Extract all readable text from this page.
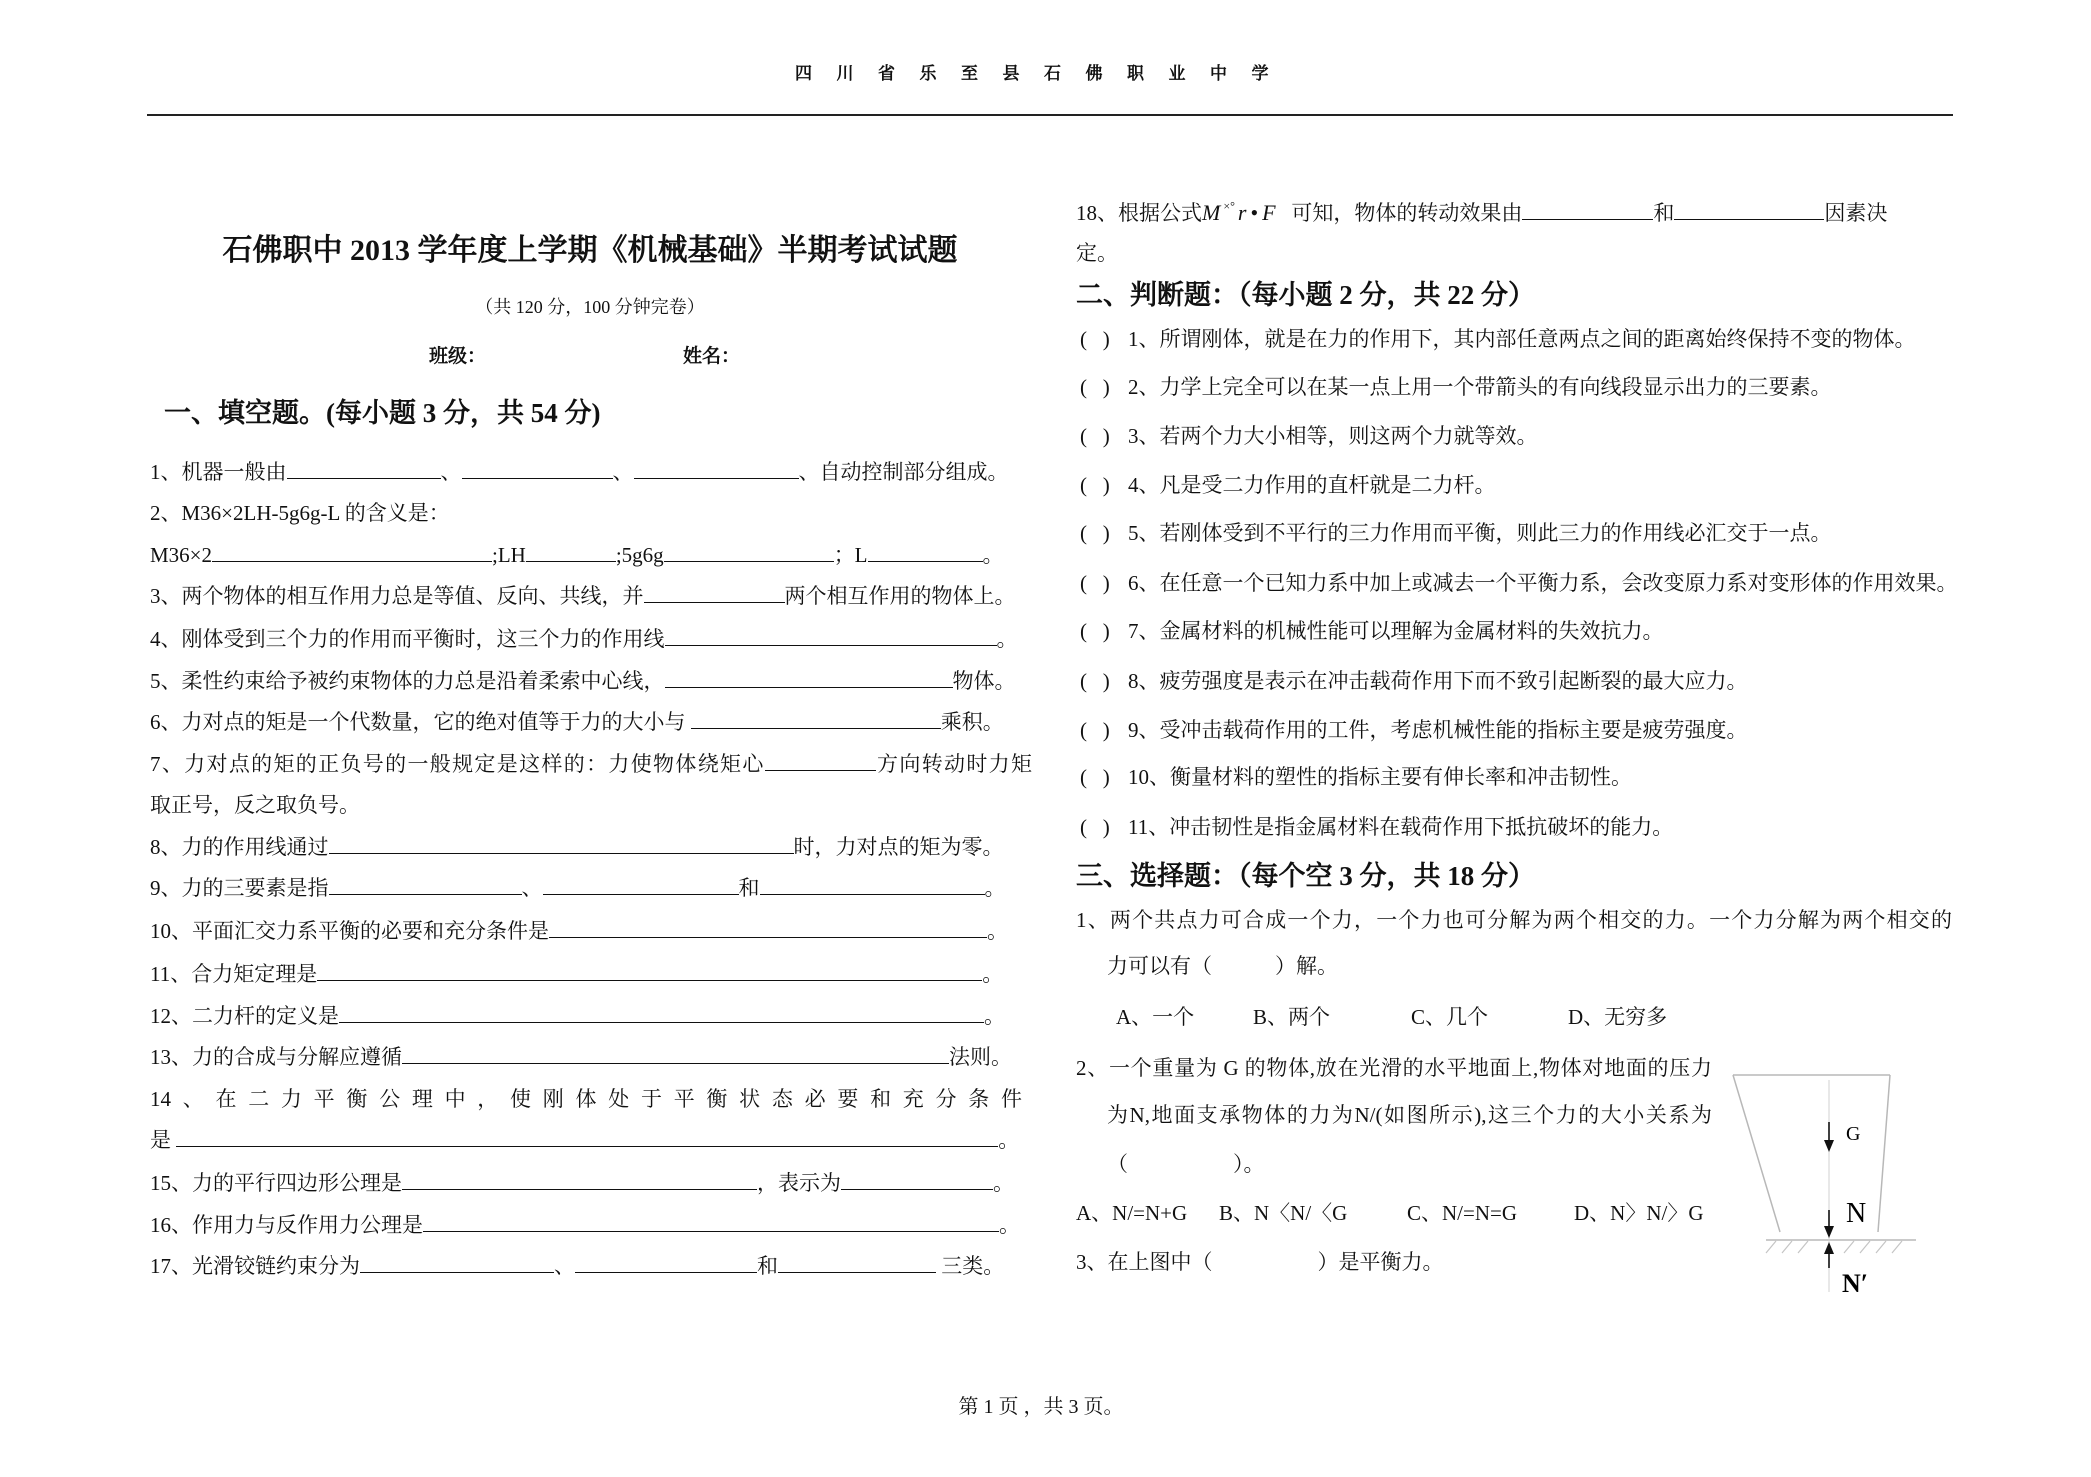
四川省乐至县石佛职业中学
石佛职中 2013 学年度上学期《机械基础》半期考试试题
（共 120 分，100 分钟完卷）
班级：	姓名：
一、填空题。(每小题 3 分，共 54 分)
1、机器一般由	、	、	、自动控制部分组成。
2、M36×2LH-5g6g-L 的含义是：
M36×2	;LH	;5g6g	；L	。
3、两个物体的相互作用力总是等值、反向、共线，并	两个相互作用的物体上。
4、刚体受到三个力的作用而平衡时，这三个力的作用线	。
5、柔性约束给予被约束物体的力总是沿着柔索中心线，	物体。
6、力对点的矩是一个代数量，它的绝对值等于力的大小与	乘积。
7、力对点的矩的正负号的一般规定是这样的：力使物体绕矩心	方向转动时力矩
取正号，反之取负号。
8、力的作用线通过	时，力对点的矩为零。
9、力的三要素是指	、	和	。
10、平面汇交力系平衡的必要和充分条件是	。
11、合力矩定理是	。
12、二力杆的定义是	。
13、力的合成与分解应遵循	法则。
14、在二力平衡公理中，使刚体处于平衡状态必要和充分条件
是	。
15、力的平行四边形公理是	，表示为	。
16、作用力与反作用力公理是	。
17、光滑铰链约束分为	、	和	三类。
18、根据公式M ×° r • F 可知，物体的转动效果由	和	因素决
定。
二、判断题：（每小题 2 分，共 22 分）
(   ) 1、所谓刚体，就是在力的作用下，其内部任意两点之间的距离始终保持不变的物体。
(   ) 2、力学上完全可以在某一点上用一个带箭头的有向线段显示出力的三要素。
(   ) 3、若两个力大小相等，则这两个力就等效。
(   ) 4、凡是受二力作用的直杆就是二力杆。
(   ) 5、若刚体受到不平行的三力作用而平衡，则此三力的作用线必汇交于一点。
(   ) 6、在任意一个已知力系中加上或减去一个平衡力系，会改变原力系对变形体的作用效果。
(   ) 7、金属材料的机械性能可以理解为金属材料的失效抗力。
(   ) 8、疲劳强度是表示在冲击载荷作用下而不致引起断裂的最大应力。
(   ) 9、受冲击载荷作用的工件，考虑机械性能的指标主要是疲劳强度。
(   ) 10、衡量材料的塑性的指标主要有伸长率和冲击韧性。
(   ) 11、冲击韧性是指金属材料在载荷作用下抵抗破坏的能力。
三、选择题：（每个空 3 分，共 18 分）
1、两个共点力可合成一个力，一个力也可分解为两个相交的力。一个力分解为两个相交的
力可以有（　　　）解。
A、一个	B、两个	C、几个	D、无穷多
2、一个重量为 G 的物体,放在光滑的水平地面上,物体对地面的压力
为N,地面支承物体的力为N/(如图所示),这三个力的大小关系为
（　　　　　）。
A、N/=N+G B、N〈N/〈G	C、N/=N=G	D、N〉N/〉G
3、在上图中（　　　　　）是平衡力。
G
N
N′
第 1 页 ，共 3 页。
